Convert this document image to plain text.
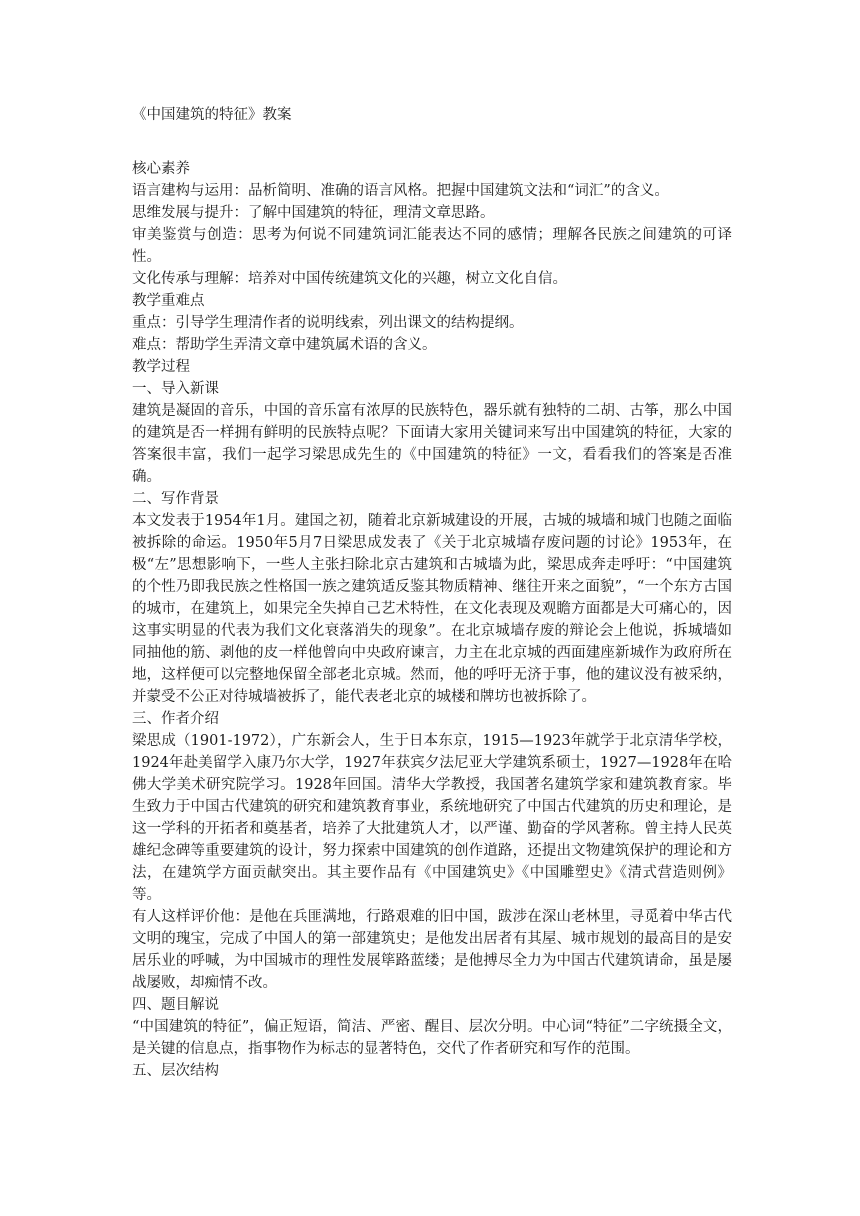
《中国建筑的特征》教案

核心素养

语言建构与运用：品析简明、准确的语言风格。把握中国建筑文法和“词汇”的含义。

思维发展与提升：了解中国建筑的特征，理清文章思路。

审美鉴赏与创造：思考为何说不同建筑词汇能表达不同的感情；理解各民族之间建筑的可译性。

文化传承与理解：培养对中国传统建筑文化的兴趣，树立文化自信。

教学重难点

重点：引导学生理清作者的说明线索，列出课文的结构提纲。

难点：帮助学生弄清文章中建筑属术语的含义。

教学过程

一、导入新课

建筑是凝固的音乐，中国的音乐富有浓厚的民族特色，器乐就有独特的二胡、古筝，那么中国的建筑是否一样拥有鲜明的民族特点呢？下面请大家用关键词来写出中国建筑的特征，大家的答案很丰富，我们一起学习梁思成先生的《中国建筑的特征》一文，看看我们的答案是否准确。

二、写作背景

本文发表于1954年1月。建国之初，随着北京新城建设的开展，古城的城墙和城门也随之面临被拆除的命运。1950年5月7日梁思成发表了《关于北京城墙存废问题的讨论》1953年，在极“左”思想影响下，一些人主张扫除北京古建筑和古城墙为此，梁思成奔走呼吁：“中国建筑的个性乃即我民族之性格国一族之建筑适反鉴其物质精神、继往开来之面貌”，“一个东方古国的城市，在建筑上，如果完全失掉自己艺术特性，在文化表现及观瞻方面都是大可痛心的，因这事实明显的代表为我们文化衰落消失的现象”。在北京城墙存废的辩论会上他说，拆城墙如同抽他的筋、剥他的皮一样他曾向中央政府谏言，力主在北京城的西面建座新城作为政府所在地，这样便可以完整地保留全部老北京城。然而，他的呼吁无济于事，他的建议没有被采纳，并蒙受不公正对待城墙被拆了，能代表老北京的城楼和牌坊也被拆除了。

三、作者介绍

梁思成（1901-1972），广东新会人，生于日本东京，1915—1923年就学于北京清华学校，1924年赴美留学入康乃尔大学，1927年获宾夕法尼亚大学建筑系硕士，1927—1928年在哈佛大学美术研究院学习。1928年回国。清华大学教授，我国著名建筑学家和建筑教育家。毕生致力于中国古代建筑的研究和建筑教育事业，系统地研究了中国古代建筑的历史和理论，是这一学科的开拓者和奠基者，培养了大批建筑人才，以严谨、勤奋的学风著称。曾主持人民英雄纪念碑等重要建筑的设计，努力探索中国建筑的创作道路，还提出文物建筑保护的理论和方法，在建筑学方面贡献突出。其主要作品有《中国建筑史》《中国雕塑史》《清式营造则例》等。

有人这样评价他：是他在兵匪满地，行路艰难的旧中国，跋涉在深山老林里，寻觅着中华古代文明的瑰宝，完成了中国人的第一部建筑史；是他发出居者有其屋、城市规划的最高目的是安居乐业的呼喊，为中国城市的理性发展筚路蓝缕；是他搏尽全力为中国古代建筑请命，虽是屡战屡败，却痴情不改。

四、题目解说

“中国建筑的特征”，偏正短语，简洁、严密、醒目、层次分明。中心词“特征”二字统摄全文，是关键的信息点，指事物作为标志的显著特色，交代了作者研究和写作的范围。

五、层次结构
